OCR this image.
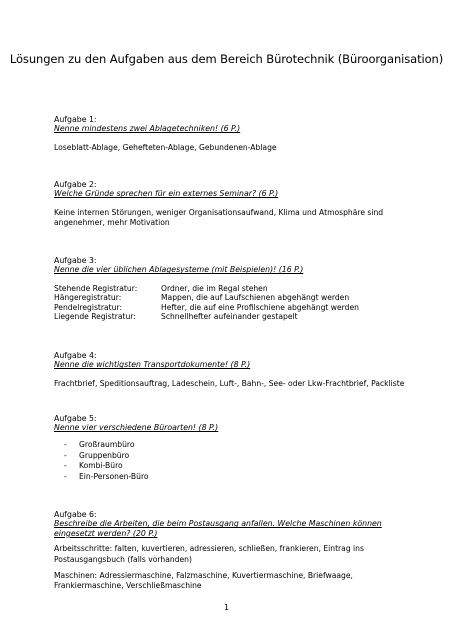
Lösungen zu den Aufgaben aus dem Bereich Bürotechnik (Büroorganisation)
Aufgabe 1:
Nenne mindestens zwei Ablagetechniken! (6 P.)
Loseblatt-Ablage, Gehefteten-Ablage, Gebundenen-Ablage
Aufgabe 2:
Welche Gründe sprechen für ein externes Seminar? (6 P.)
Keine internen Störungen, weniger Organisationsaufwand, Klima und Atmosphäre sind
angenehmer, mehr Motivation
Aufgabe 3:
Nenne die vier üblichen Ablagesysteme (mit Beispielen)! (16 P.)
Stehende Registratur:	Ordner, die im Regal stehen
Hängeregistratur:	Mappen, die auf Laufschienen abgehängt werden
Pendelregistratur:	Hefter, die auf eine Profilschiene abgehängt werden
Liegende Registratur:	Schnellhefter aufeinander gestapelt
Aufgabe 4:
Nenne die wichtigsten Transportdokumente! (8 P.)
Frachtbrief, Speditionsauftrag, Ladeschein, Luft-, Bahn-, See- oder Lkw-Frachtbrief, Packliste
Aufgabe 5:
Nenne vier verschiedene Büroarten! (8 P.)
-	Großraumbüro
-	Gruppenbüro
-	Kombi-Büro
-	Ein-Personen-Büro
Aufgabe 6:
Beschreibe die Arbeiten, die beim Postausgang anfallen. Welche Maschinen können
eingesetzt werden? (20 P.)
Arbeitsschritte: falten, kuvertieren, adressieren, schließen, frankieren, Eintrag ins
Postausgangsbuch (falls vorhanden)
Maschinen: Adressiermaschine, Falzmaschine, Kuvertiermaschine, Briefwaage,
Frankiermaschine, Verschließmaschine
1
